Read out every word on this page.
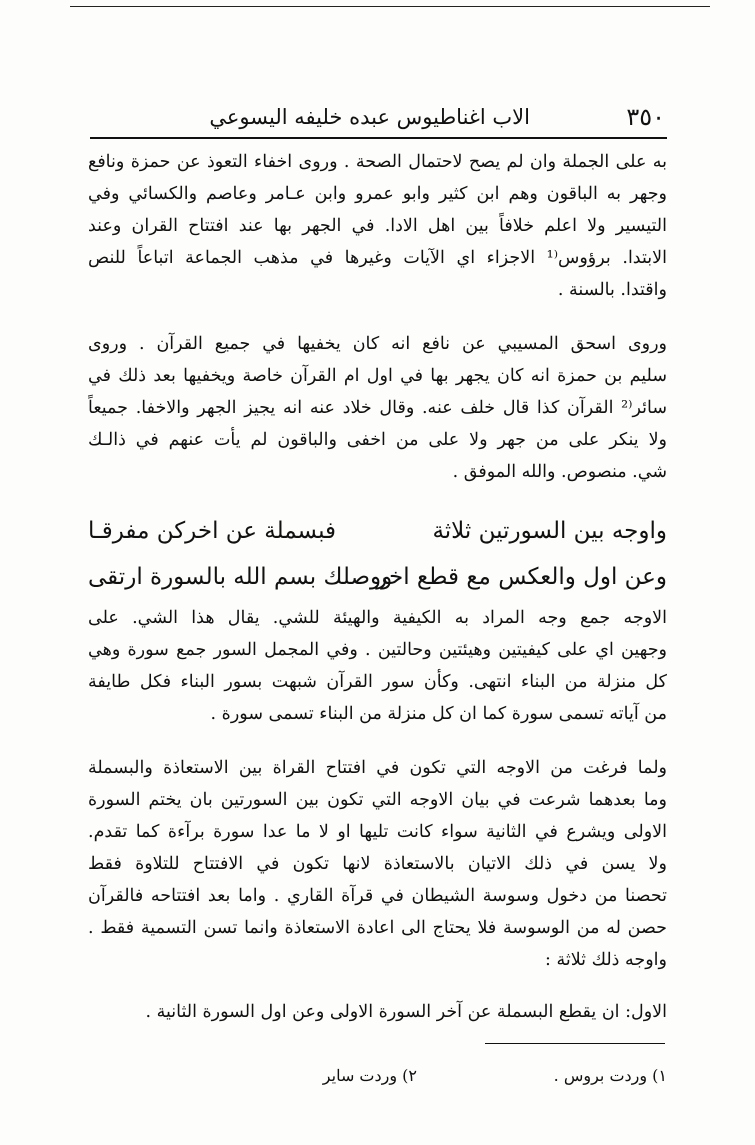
٣٥٠
الاب اغناطيوس عبده خليفه اليسوعي
به على الجملة وان لم يصح لاحتمال الصحة . وروى اخفاء التعوذ عن حمزة ونافع
وجهر به الباقون وهم ابن كثير وابو عمرو وابن عـامر وعاصم والكسائي وفي
التيسير ولا اعلم خلافاً بين اهل الادا. في الجهر بها عند افتتاح القران وعند
الابتدا. برؤوس⁽¹ الاجزاء اي الآيات وغيرها في مذهب الجماعة اتباعاً للنص
واقتدا. بالسنة .
وروى اسحق المسيبي عن نافع انه كان يخفيها في جميع القرآن . وروى
سليم بن حمزة انه كان يجهر بها في اول ام القرآن خاصة ويخفيها بعد ذلك في
سائر⁽² القرآن كذا قال خلف عنه. وقال خلاد عنه انه يجيز الجهر والاخفا. جميعاً
ولا ينكر على من جهر ولا على من اخفى والباقون لم يأت عنهم في ذالـك
شي. منصوص. والله الموفق .
واوجه بين السورتين ثلاثة
فبسملة عن اخركن مفرقـا
وعن اول والعكس مع قطع اخر
ووصلك بسم الله بالسورة ارتقى
الاوجه جمع وجه المراد به الكيفية والهيئة للشي. يقال هذا الشي. على
وجهين اي على كيفيتين وهيئتين وحالتين . وفي المجمل السور جمع سورة وهي
كل منزلة من البناء انتهى. وكأن سور القرآن شبهت بسور البناء فكل طايفة
من آياته تسمى سورة كما ان كل منزلة من البناء تسمى سورة .
ولما فرغت من الاوجه التي تكون في افتتاح القراة بين الاستعاذة والبسملة
وما بعدهما شرعت في بيان الاوجه التي تكون بين السورتين بان يختم السورة
الاولى ويشرع في الثانية سواء كانت تليها او لا ما عدا سورة برآءة كما تقدم.
ولا يسن في ذلك الاتيان بالاستعاذة لانها تكون في الافتتاح للتلاوة فقط
تحصنا من دخول وسوسة الشيطان في قرآة القاري . واما بعد افتتاحه فالقرآن
حصن له من الوسوسة فلا يحتاج الى اعادة الاستعاذة وانما تسن التسمية فقط .
واوجه ذلك ثلاثة :
الاول: ان يقطع البسملة عن آخر السورة الاولى وعن اول السورة الثانية .
١) وردت بروس .
٢) وردت ساير
